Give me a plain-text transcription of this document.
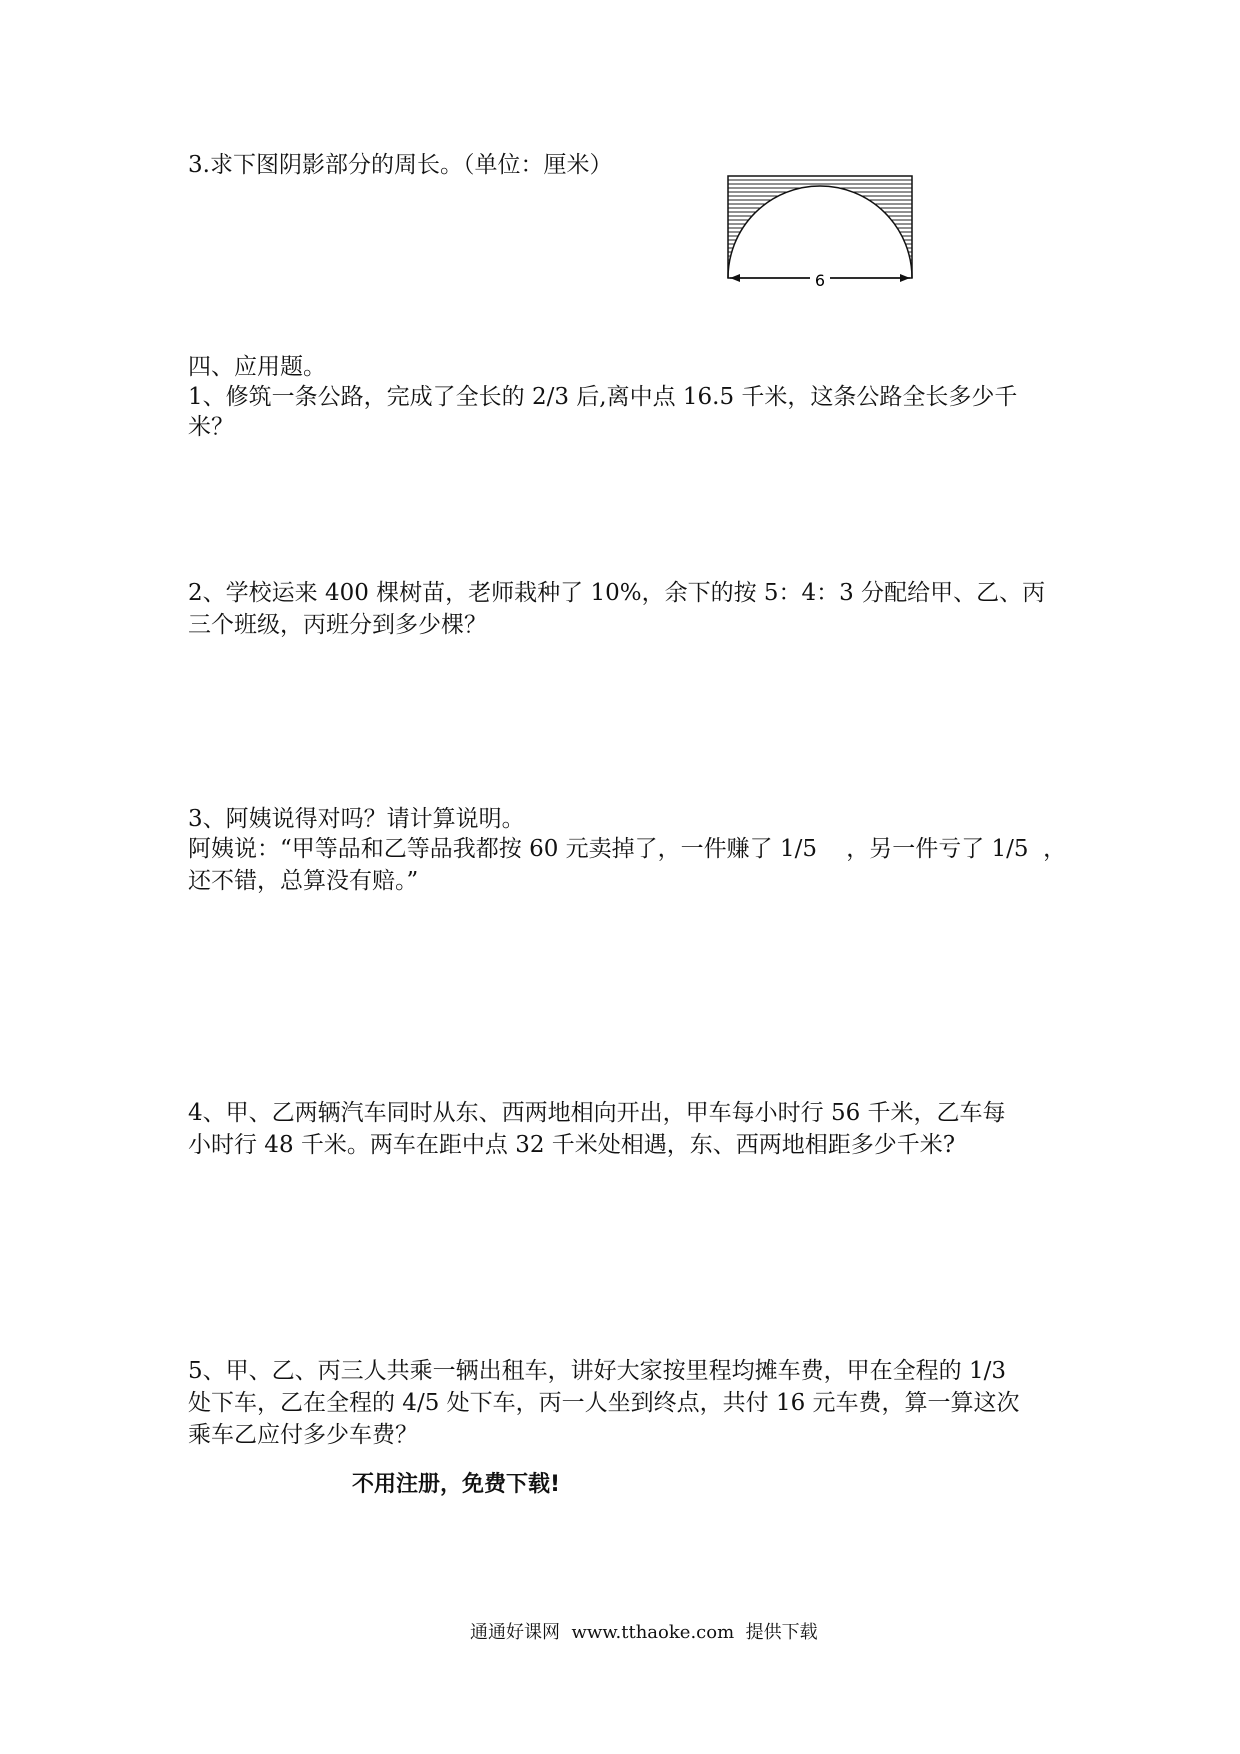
3.求下图阴影部分的周长。（单位：厘米）

6

四、应用题。

1、修筑一条公路，完成了全长的 2/3 后,离中点 16.5 千米，这条公路全长多少千

米？

2、学校运来 400 棵树苗，老师栽种了 10%，余下的按 5：4：3 分配给甲、乙、丙

三个班级，丙班分到多少棵？

3、阿姨说得对吗？请计算说明。

阿姨说：“甲等品和乙等品我都按 60 元卖掉了，一件赚了 1/5    ，另一件亏了 1/5  ，

还不错，总算没有赔。”

4、甲、乙两辆汽车同时从东、西两地相向开出，甲车每小时行 56 千米，乙车每

小时行 48 千米。两车在距中点 32 千米处相遇，东、西两地相距多少千米?

5、甲、乙、丙三人共乘一辆出租车，讲好大家按里程均摊车费，甲在全程的 1/3

处下车，乙在全程的 4/5 处下车，丙一人坐到终点，共付 16 元车费，算一算这次

乘车乙应付多少车费？

不用注册，免费下载!
通通好课网  www.tthaoke.com  提供下载
